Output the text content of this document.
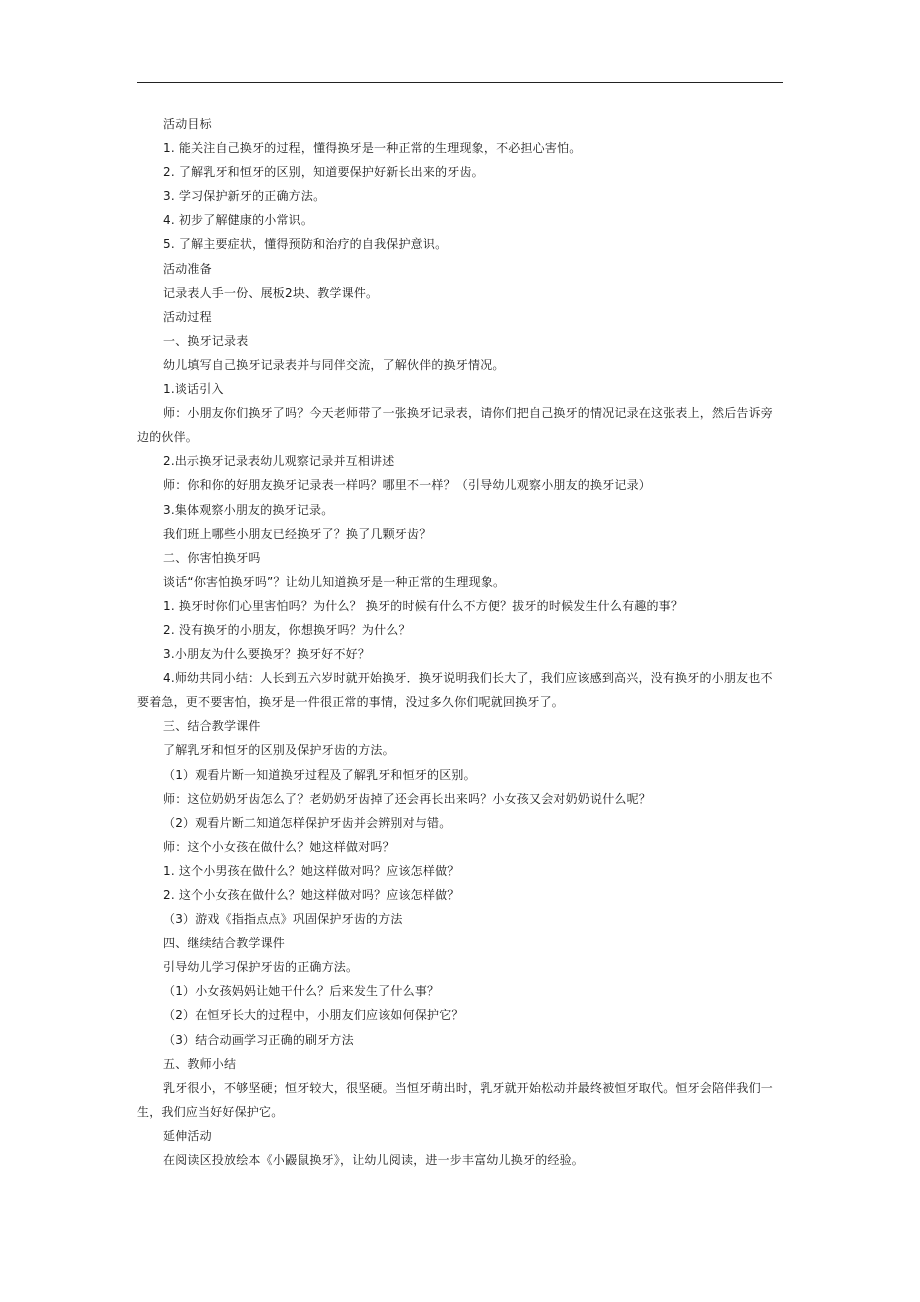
活动目标
1. 能关注自己换牙的过程，懂得换牙是一种正常的生理现象，不必担心害怕。
2. 了解乳牙和恒牙的区别，知道要保护好新长出来的牙齿。
3. 学习保护新牙的正确方法。
4. 初步了解健康的小常识。
5. 了解主要症状，懂得预防和治疗的自我保护意识。
活动准备
记录表人手一份、展板2块、教学课件。
活动过程
一、换牙记录表
幼儿填写自己换牙记录表并与同伴交流，了解伙伴的换牙情况。
1.谈话引入
师：小朋友你们换牙了吗？今天老师带了一张换牙记录表，请你们把自己换牙的情况记录在这张表上，然后告诉旁
边的伙伴。
2.出示换牙记录表幼儿观察记录并互相讲述
师：你和你的好朋友换牙记录表一样吗？哪里不一样？（引导幼儿观察小朋友的换牙记录）
3.集体观察小朋友的换牙记录。
我们班上哪些小朋友已经换牙了？换了几颗牙齿？
二、你害怕换牙吗
谈话“你害怕换牙吗”？让幼儿知道换牙是一种正常的生理现象。
1. 换牙时你们心里害怕吗？为什么？ 换牙的时候有什么不方便？拔牙的时候发生什么有趣的事？
2. 没有换牙的小朋友，你想换牙吗？为什么？
3.小朋友为什么要换牙？换牙好不好？
4.师幼共同小结：人长到五六岁时就开始换牙．换牙说明我们长大了，我们应该感到高兴，没有换牙的小朋友也不
要着急，更不要害怕，换牙是一件很正常的事情，没过多久你们呢就回换牙了。
三、结合教学课件
了解乳牙和恒牙的区别及保护牙齿的方法。
（1）观看片断一知道换牙过程及了解乳牙和恒牙的区别。
师：这位奶奶牙齿怎么了？老奶奶牙齿掉了还会再长出来吗？小女孩又会对奶奶说什么呢？
（2）观看片断二知道怎样保护牙齿并会辨别对与错。
师：这个小女孩在做什么？她这样做对吗？
1. 这个小男孩在做什么？她这样做对吗？应该怎样做？
2. 这个小女孩在做什么？她这样做对吗？应该怎样做？
（3）游戏《指指点点》巩固保护牙齿的方法
四、继续结合教学课件
引导幼儿学习保护牙齿的正确方法。
（1）小女孩妈妈让她干什么？后来发生了什么事？
（2）在恒牙长大的过程中，小朋友们应该如何保护它？
（3）结合动画学习正确的刷牙方法
五、教师小结
乳牙很小，不够坚硬；恒牙较大，很坚硬。当恒牙萌出时，乳牙就开始松动并最终被恒牙取代。恒牙会陪伴我们一
生，我们应当好好保护它。
延伸活动
在阅读区投放绘本《小鼹鼠换牙》，让幼儿阅读，进一步丰富幼儿换牙的经验。
